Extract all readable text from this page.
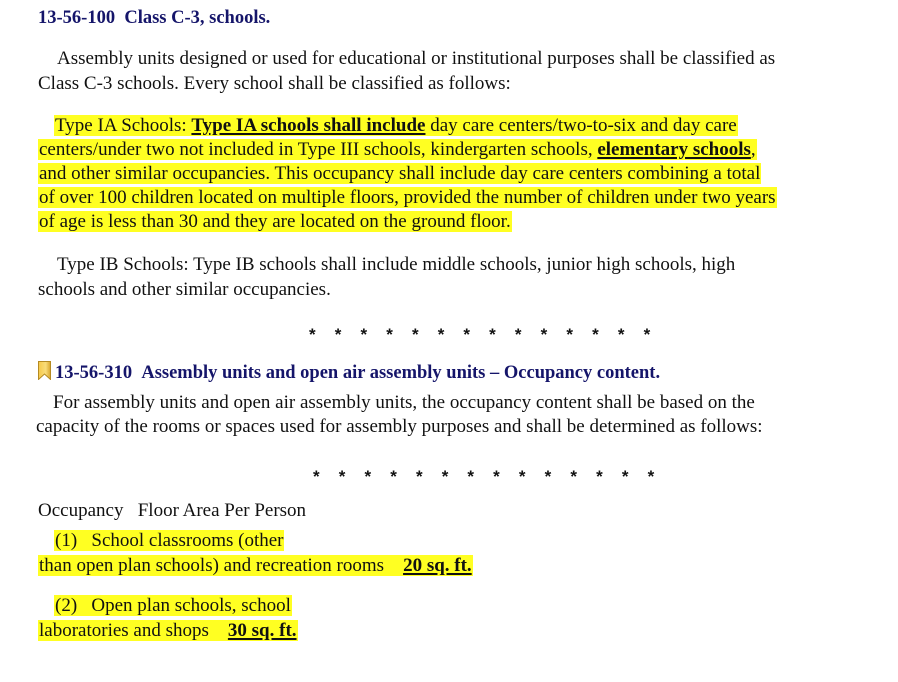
13-56-100 Class C-3, schools.
Assembly units designed or used for educational or institutional purposes shall be classified as
Class C-3 schools. Every school shall be classified as follows:
Type IA Schools: Type IA schools shall include day care centers/two-to-six and day care
centers/under two not included in Type III schools, kindergarten schools, elementary schools,
and other similar occupancies. This occupancy shall include day care centers combining a total
of over 100 children located on multiple floors, provided the number of children under two years
of age is less than 30 and they are located on the ground floor.
Type IB Schools: Type IB schools shall include middle schools, junior high schools, high
schools and other similar occupancies.
* * * * * * * * * * * * * *
13-56-310 Assembly units and open air assembly units – Occupancy content.
For assembly units and open air assembly units, the occupancy content shall be based on the
capacity of the rooms or spaces used for assembly purposes and shall be determined as follows:
* * * * * * * * * * * * * *
Occupancy Floor Area Per Person
(1)   School classrooms (other
than open plan schools) and recreation rooms 20 sq. ft.
(2)   Open plan schools, school
laboratories and shops 30 sq. ft.
